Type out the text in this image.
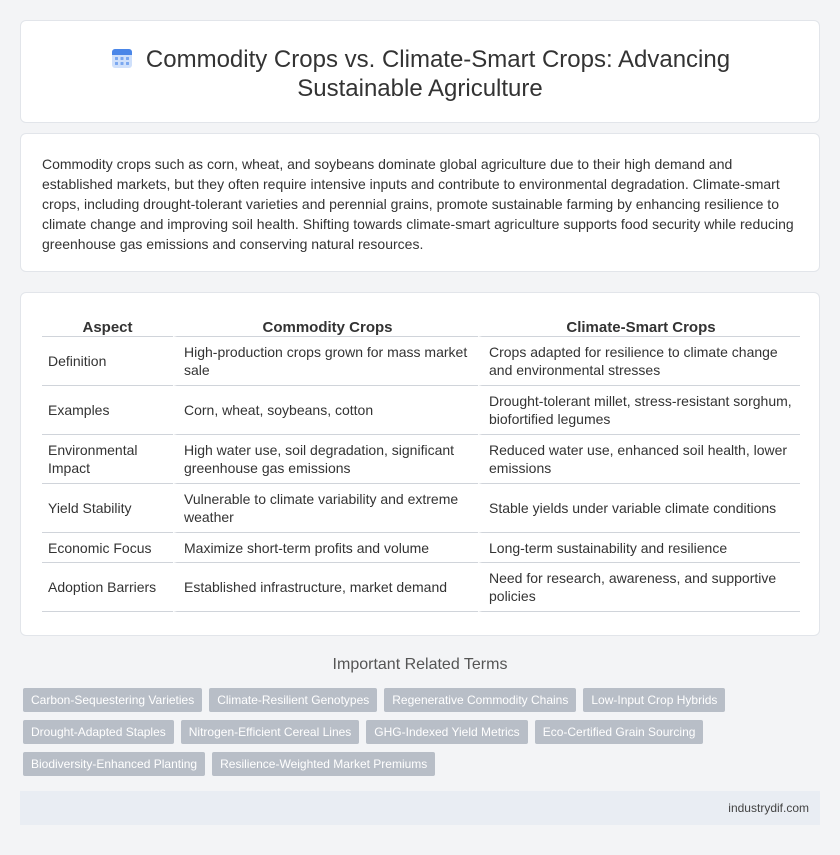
Commodity Crops vs. Climate-Smart Crops: Advancing
Sustainable Agriculture

Commodity crops such as corn, wheat, and soybeans dominate global agriculture due to their high demand and established markets, but they often require intensive inputs and contribute to environmental degradation. Climate-smart crops, including drought-tolerant varieties and perennial grains, promote sustainable farming by enhancing resilience to climate change and improving soil health. Shifting towards climate-smart agriculture supports food security while reducing greenhouse gas emissions and conserving natural resources.

Aspect	Commodity Crops	Climate-Smart Crops
Definition	High-production crops grown for mass market sale	Crops adapted for resilience to climate change and environmental stresses
Examples	Corn, wheat, soybeans, cotton	Drought-tolerant millet, stress-resistant sorghum, biofortified legumes
Environmental Impact	High water use, soil degradation, significant greenhouse gas emissions	Reduced water use, enhanced soil health, lower emissions
Yield Stability	Vulnerable to climate variability and extreme weather	Stable yields under variable climate conditions
Economic Focus	Maximize short-term profits and volume	Long-term sustainability and resilience
Adoption Barriers	Established infrastructure, market demand	Need for research, awareness, and supportive policies
Important Related Terms
Carbon-Sequestering Varieties	Climate-Resilient Genotypes	Regenerative Commodity Chains	Low-Input Crop Hybrids
Drought-Adapted Staples	Nitrogen-Efficient Cereal Lines	GHG-Indexed Yield Metrics	Eco-Certified Grain Sourcing
Biodiversity-Enhanced Planting	Resilience-Weighted Market Premiums
industrydif.com
